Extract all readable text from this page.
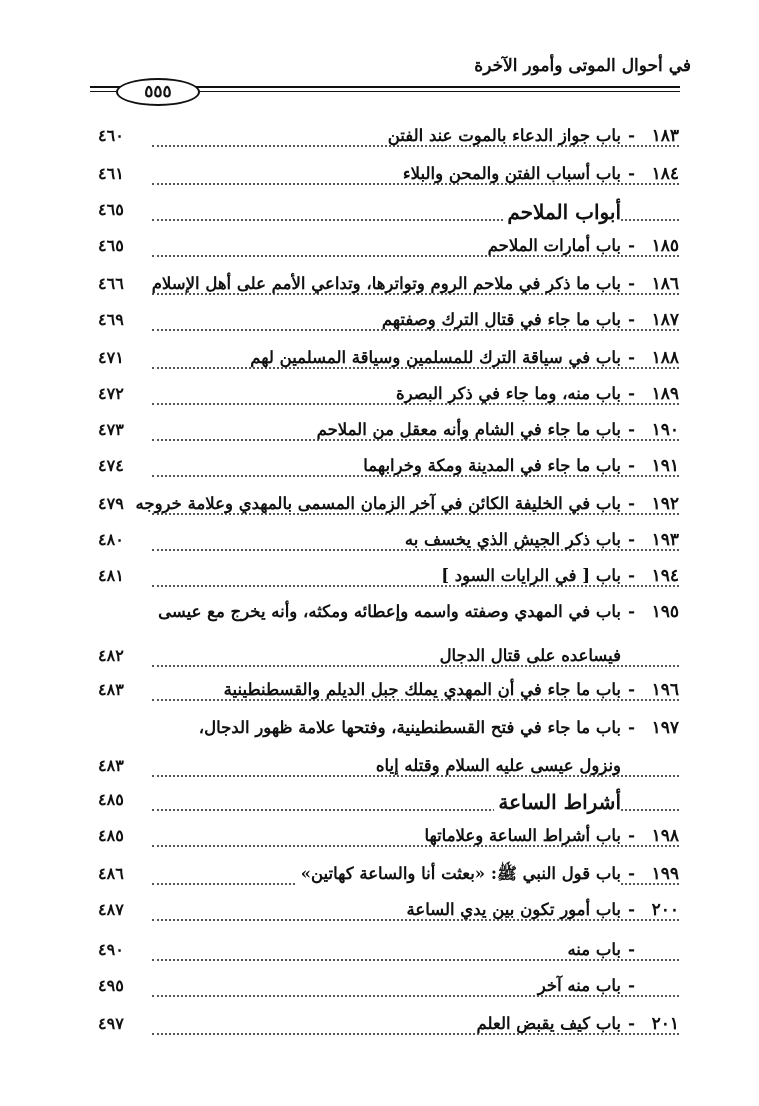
في أحوال الموتى وأمور الآخرة
٥٥٥
١٨٣
-
باب جواز الدعاء بالموت عند الفتن
٤٦٠
١٨٤
-
باب أسباب الفتن والمحن والبلاء
٤٦١
أبواب الملاحم
٤٦٥
١٨٥
-
باب أمارات الملاحم
٤٦٥
١٨٦
-
باب ما ذكر في ملاحم الروم وتواترها، وتداعي الأمم على أهل الإسلام
٤٦٦
١٨٧
-
باب ما جاء في قتال الترك وصفتهم
٤٦٩
١٨٨
-
باب في سياقة الترك للمسلمين وسياقة المسلمين لهم
٤٧١
١٨٩
-
باب منه، وما جاء في ذكر البصرة
٤٧٢
١٩٠
-
باب ما جاء في الشام وأنه معقل من الملاحم
٤٧٣
١٩١
-
باب ما جاء في المدينة ومكة وخرابهما
٤٧٤
١٩٢
-
باب في الخليفة الكائن في آخر الزمان المسمى بالمهدي وعلامة خروجه
٤٧٩
١٩٣
-
باب ذكر الجيش الذي يخسف به
٤٨٠
١٩٤
-
باب [ في الرايات السود ]
٤٨١
١٩٥
-
باب في المهدي وصفته واسمه وإعطائه ومكثه، وأنه يخرج مع عيسى
فيساعده على قتال الدجال
٤٨٢
١٩٦
-
باب ما جاء في أن المهدي يملك جبل الديلم والقسطنطينية
٤٨٣
١٩٧
-
باب ما جاء في فتح القسطنطينية، وفتحها علامة ظهور الدجال،
ونزول عيسى عليه السلام وقتله إياه
٤٨٣
أشراط الساعة
٤٨٥
١٩٨
-
باب أشراط الساعة وعلاماتها
٤٨٥
١٩٩
-
باب قول النبي ﷺ: «بعثت أنا والساعة كهاتين»
٤٨٦
٢٠٠
-
باب أمور تكون بين يدي الساعة
٤٨٧
-
باب منه
٤٩٠
-
باب منه آخر
٤٩٥
٢٠١
-
باب كيف يقبض العلم
٤٩٧
